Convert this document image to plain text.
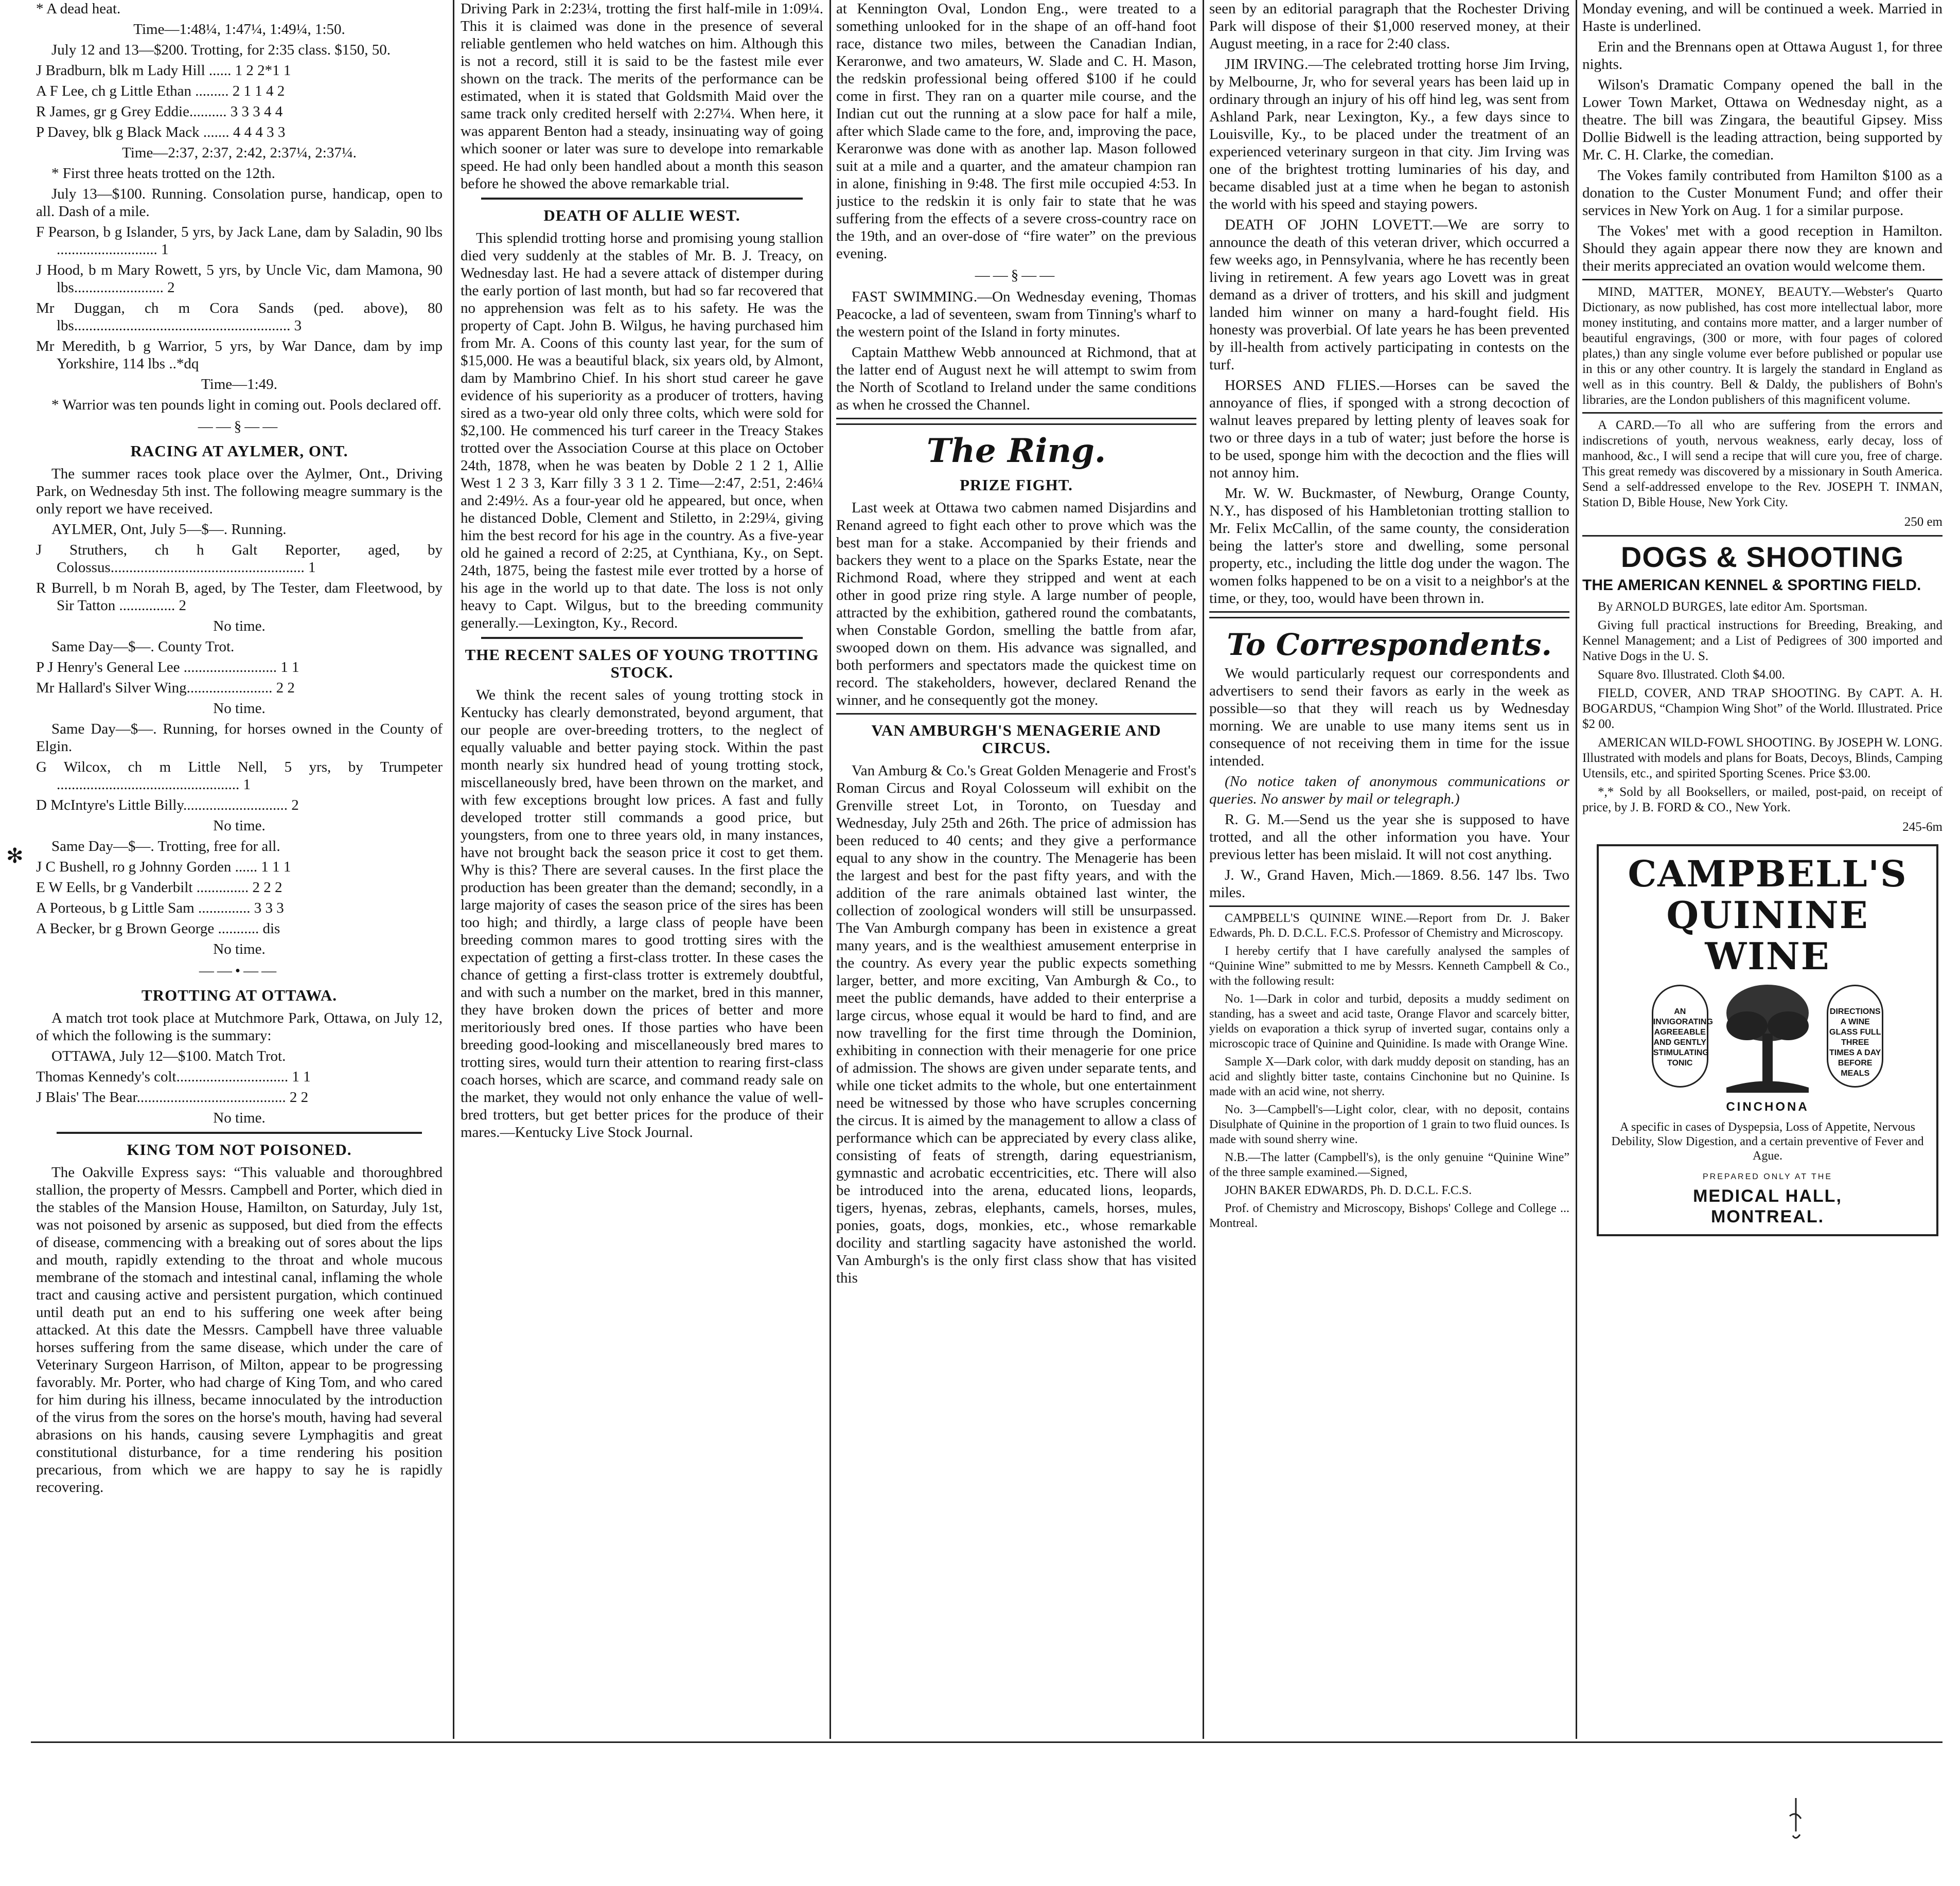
* A dead heat.

Time—1:48¼, 1:47¼, 1:49¼, 1:50.

July 12 and 13—$200. Trotting, for 2:35 class. $150, 50.

J Bradburn, blk m Lady Hill ...... 1 2 2*1 1

A F Lee, ch g Little Ethan ......... 2 1 1 4 2

R James, gr g Grey Eddie.......... 3 3 3 4 4

P Davey, blk g Black Mack ....... 4 4 4 3 3

Time—2:37, 2:37, 2:42, 2:37¼, 2:37¼.

* First three heats trotted on the 12th.

July 13—$100. Running. Consolation purse, handicap, open to all. Dash of a mile.

F Pearson, b g Islander, 5 yrs, by Jack Lane, dam by Saladin, 90 lbs ........................... 1

J Hood, b m Mary Rowett, 5 yrs, by Uncle Vic, dam Mamona, 90 lbs........................ 2

Mr Duggan, ch m Cora Sands (ped. above), 80 lbs.......................................................... 3

Mr Meredith, b g Warrior, 5 yrs, by War Dance, dam by imp Yorkshire, 114 lbs ..*dq

Time—1:49.

* Warrior was ten pounds light in coming out. Pools declared off.

——§——
RACING AT AYLMER, ONT.

The summer races took place over the Aylmer, Ont., Driving Park, on Wednesday 5th inst. The following meagre summary is the only report we have received.

AYLMER, Ont, July 5—$—. Running.

J Struthers, ch h Galt Reporter, aged, by Colossus.................................................... 1

R Burrell, b m Norah B, aged, by The Tester, dam Fleetwood, by Sir Tatton ............... 2

No time.

Same Day—$—. County Trot.

P J Henry's General Lee ......................... 1 1

Mr Hallard's Silver Wing....................... 2 2

No time.

Same Day—$—. Running, for horses owned in the County of Elgin.

G Wilcox, ch m Little Nell, 5 yrs, by Trumpeter ................................................. 1

D McIntyre's Little Billy............................ 2

No time.

Same Day—$—. Trotting, free for all.

J C Bushell, ro g Johnny Gorden ...... 1 1 1

E W Eells, br g Vanderbilt .............. 2 2 2

A Porteous, b g Little Sam .............. 3 3 3

A Becker, br g Brown George ........... dis

No time.

——•——
TROTTING AT OTTAWA.

A match trot took place at Mutchmore Park, Ottawa, on July 12, of which the following is the summary:

OTTAWA, July 12—$100. Match Trot.

Thomas Kennedy's colt.............................. 1 1

J Blais' The Bear........................................ 2 2

No time.

KING TOM NOT POISONED.

The Oakville Express says: “This valuable and thoroughbred stallion, the property of Messrs. Campbell and Porter, which died in the stables of the Mansion House, Hamilton, on Saturday, July 1st, was not poisoned by arsenic as supposed, but died from the effects of disease, commencing with a breaking out of sores about the lips and mouth, rapidly extending to the throat and whole mucous membrane of the stomach and intestinal canal, inflaming the whole tract and causing active and persistent purgation, which continued until death put an end to his suffering one week after being attacked. At this date the Messrs. Campbell have three valuable horses suffering from the same disease, which under the care of Veterinary Surgeon Harrison, of Milton, appear to be progressing favorably. Mr. Porter, who had charge of King Tom, and who cared for him during his illness, became innoculated by the introduction of the virus from the sores on the horse's mouth, having had several abrasions on his hands, causing severe Lymphagitis and great constitutional disturbance, for a time rendering his position precarious, from which we are happy to say he is rapidly recovering.

Driving Park in 2:23¼, trotting the first half-mile in 1:09¼. This it is claimed was done in the presence of several reliable gentlemen who held watches on him. Although this is not a record, still it is said to be the fastest mile ever shown on the track. The merits of the performance can be estimated, when it is stated that Goldsmith Maid over the same track only credited herself with 2:27¼. When here, it was apparent Benton had a steady, insinuating way of going which sooner or later was sure to develope into remarkable speed. He had only been handled about a month this season before he showed the above remarkable trial.

DEATH OF ALLIE WEST.

This splendid trotting horse and promising young stallion died very suddenly at the stables of Mr. B. J. Treacy, on Wednesday last. He had a severe attack of distemper during the early portion of last month, but had so far recovered that no apprehension was felt as to his safety. He was the property of Capt. John B. Wilgus, he having purchased him from Mr. A. Coons of this county last year, for the sum of $15,000. He was a beautiful black, six years old, by Almont, dam by Mambrino Chief. In his short stud career he gave evidence of his superiority as a producer of trotters, having sired as a two-year old only three colts, which were sold for $2,100. He commenced his turf career in the Treacy Stakes trotted over the Association Course at this place on October 24th, 1878, when he was beaten by Doble 2 1 2 1, Allie West 1 2 3 3, Karr filly 3 3 1 2. Time—2:47, 2:51, 2:46¼ and 2:49½. As a four-year old he appeared, but once, when he distanced Doble, Clement and Stiletto, in 2:29¼, giving him the best record for his age in the country. As a five-year old he gained a record of 2:25, at Cynthiana, Ky., on Sept. 24th, 1875, being the fastest mile ever trotted by a horse of his age in the world up to that date. The loss is not only heavy to Capt. Wilgus, but to the breeding community generally.—Lexington, Ky., Record.

THE RECENT SALES OF YOUNG TROTTING STOCK.

We think the recent sales of young trotting stock in Kentucky has clearly demonstrated, beyond argument, that our people are over-breeding trotters, to the neglect of equally valuable and better paying stock. Within the past month nearly six hundred head of young trotting stock, miscellaneously bred, have been thrown on the market, and with few exceptions brought low prices. A fast and fully developed trotter still commands a good price, but youngsters, from one to three years old, in many instances, have not brought back the season price it cost to get them. Why is this? There are several causes. In the first place the production has been greater than the demand; secondly, in a large majority of cases the season price of the sires has been too high; and thirdly, a large class of people have been breeding common mares to good trotting sires with the expectation of getting a first-class trotter. In these cases the chance of getting a first-class trotter is extremely doubtful, and with such a number on the market, bred in this manner, they have broken down the prices of better and more meritoriously bred ones. If those parties who have been breeding good-looking and miscellaneously bred mares to trotting sires, would turn their attention to rearing first-class coach horses, which are scarce, and command ready sale on the market, they would not only enhance the value of well-bred trotters, but get better prices for the produce of their mares.—Kentucky Live Stock Journal.

at Kennington Oval, London Eng., were treated to a something unlooked for in the shape of an off-hand foot race, distance two miles, between the Canadian Indian, Keraronwe, and two amateurs, W. Slade and C. H. Mason, the redskin professional being offered $100 if he could come in first. They ran on a quarter mile course, and the Indian cut out the running at a slow pace for half a mile, after which Slade came to the fore, and, improving the pace, Keraronwe was done with as another lap. Mason followed suit at a mile and a quarter, and the amateur champion ran in alone, finishing in 9:48. The first mile occupied 4:53. In justice to the redskin it is only fair to state that he was suffering from the effects of a severe cross-country race on the 19th, and an over-dose of “fire water” on the previous evening.

——§——

FAST SWIMMING.—On Wednesday evening, Thomas Peacocke, a lad of seventeen, swam from Tinning's wharf to the western point of the Island in forty minutes.

Captain Matthew Webb announced at Richmond, that at the latter end of August next he will attempt to swim from the North of Scotland to Ireland under the same conditions as when he crossed the Channel.

The Ring.
PRIZE FIGHT.

Last week at Ottawa two cabmen named Disjardins and Renand agreed to fight each other to prove which was the best man for a stake. Accompanied by their friends and backers they went to a place on the Sparks Estate, near the Richmond Road, where they stripped and went at each other in good prize ring style. A large number of people, attracted by the exhibition, gathered round the combatants, when Constable Gordon, smelling the battle from afar, swooped down on them. His advance was signalled, and both performers and spectators made the quickest time on record. The stakeholders, however, declared Renand the winner, and he consequently got the money.

VAN AMBURGH'S MENAGERIE AND CIRCUS.

Van Amburg & Co.'s Great Golden Menagerie and Frost's Roman Circus and Royal Colosseum will exhibit on the Grenville street Lot, in Toronto, on Tuesday and Wednesday, July 25th and 26th. The price of admission has been reduced to 40 cents; and they give a performance equal to any show in the country. The Menagerie has been the largest and best for the past fifty years, and with the addition of the rare animals obtained last winter, the collection of zoological wonders will still be unsurpassed. The Van Amburgh company has been in existence a great many years, and is the wealthiest amusement enterprise in the country. As every year the public expects something larger, better, and more exciting, Van Amburgh & Co., to meet the public demands, have added to their enterprise a large circus, whose equal it would be hard to find, and are now travelling for the first time through the Dominion, exhibiting in connection with their menagerie for one price of admission. The shows are given under separate tents, and while one ticket admits to the whole, but one entertainment need be witnessed by those who have scruples concerning the circus. It is aimed by the management to allow a class of performance which can be appreciated by every class alike, consisting of feats of strength, daring equestrianism, gymnastic and acrobatic eccentricities, etc. There will also be introduced into the arena, educated lions, leopards, tigers, hyenas, zebras, elephants, camels, horses, mules, ponies, goats, dogs, monkies, etc., whose remarkable docility and startling sagacity have astonished the world. Van Amburgh's is the only first class show that has visited this

seen by an editorial paragraph that the Rochester Driving Park will dispose of their $1,000 reserved money, at their August meeting, in a race for 2:40 class.

JIM IRVING.—The celebrated trotting horse Jim Irving, by Melbourne, Jr, who for several years has been laid up in ordinary through an injury of his off hind leg, was sent from Ashland Park, near Lexington, Ky., a few days since to Louisville, Ky., to be placed under the treatment of an experienced veterinary surgeon in that city. Jim Irving was one of the brightest trotting luminaries of his day, and became disabled just at a time when he began to astonish the world with his speed and staying powers.

DEATH OF JOHN LOVETT.—We are sorry to announce the death of this veteran driver, which occurred a few weeks ago, in Pennsylvania, where he has recently been living in retirement. A few years ago Lovett was in great demand as a driver of trotters, and his skill and judgment landed him winner on many a hard-fought field. His honesty was proverbial. Of late years he has been prevented by ill-health from actively participating in contests on the turf.

HORSES AND FLIES.—Horses can be saved the annoyance of flies, if sponged with a strong decoction of walnut leaves prepared by letting plenty of leaves soak for two or three days in a tub of water; just before the horse is to be used, sponge him with the decoction and the flies will not annoy him.

Mr. W. W. Buckmaster, of Newburg, Orange County, N.Y., has disposed of his Hambletonian trotting stallion to Mr. Felix McCallin, of the same county, the consideration being the latter's store and dwelling, some personal property, etc., including the little dog under the wagon. The women folks happened to be on a visit to a neighbor's at the time, or they, too, would have been thrown in.

To Correspondents.

We would particularly request our correspondents and advertisers to send their favors as early in the week as possible—so that they will reach us by Wednesday morning. We are unable to use many items sent us in consequence of not receiving them in time for the issue intended.

(No notice taken of anonymous communications or queries. No answer by mail or telegraph.)

R. G. M.—Send us the year she is supposed to have trotted, and all the other information you have. Your previous letter has been mislaid. It will not cost anything.

J. W., Grand Haven, Mich.—1869. 8.56. 147 lbs. Two miles.

CAMPBELL'S QUININE WINE.—Report from Dr. J. Baker Edwards, Ph. D. D.C.L. F.C.S. Professor of Chemistry and Microscopy.

I hereby certify that I have carefully analysed the samples of “Quinine Wine” submitted to me by Messrs. Kenneth Campbell & Co., with the following result:

No. 1—Dark in color and turbid, deposits a muddy sediment on standing, has a sweet and acid taste, Orange Flavor and scarcely bitter, yields on evaporation a thick syrup of inverted sugar, contains only a microscopic trace of Quinine and Quinidine. Is made with Orange Wine.

Sample X—Dark color, with dark muddy deposit on standing, has an acid and slightly bitter taste, contains Cinchonine but no Quinine. Is made with an acid wine, not sherry.

No. 3—Campbell's—Light color, clear, with no deposit, contains Disulphate of Quinine in the proportion of 1 grain to two fluid ounces. Is made with sound sherry wine.

N.B.—The latter (Campbell's), is the only genuine “Quinine Wine” of the three sample examined.—Signed,

JOHN BAKER EDWARDS, Ph. D. D.C.L. F.C.S.

Prof. of Chemistry and Microscopy, Bishops' College and College ... Montreal.

Monday evening, and will be continued a week. Married in Haste is underlined.

Erin and the Brennans open at Ottawa August 1, for three nights.

Wilson's Dramatic Company opened the ball in the Lower Town Market, Ottawa on Wednesday night, as a theatre. The bill was Zingara, the beautiful Gipsey. Miss Dollie Bidwell is the leading attraction, being supported by Mr. C. H. Clarke, the comedian.

The Vokes family contributed from Hamilton $100 as a donation to the Custer Monument Fund; and offer their services in New York on Aug. 1 for a similar purpose.

The Vokes' met with a good reception in Hamilton. Should they again appear there now they are known and their merits appreciated an ovation would welcome them.

MIND, MATTER, MONEY, BEAUTY.—Webster's Quarto Dictionary, as now published, has cost more intellectual labor, more money instituting, and contains more matter, and a larger number of beautiful engravings, (300 or more, with four pages of colored plates,) than any single volume ever before published or popular use in this or any other country. It is largely the standard in England as well as in this country. Bell & Daldy, the publishers of Bohn's libraries, are the London publishers of this magnificent volume.

A CARD.—To all who are suffering from the errors and indiscretions of youth, nervous weakness, early decay, loss of manhood, &c., I will send a recipe that will cure you, free of charge. This great remedy was discovered by a missionary in South America. Send a self-addressed envelope to the Rev. JOSEPH T. INMAN, Station D, Bible House, New York City.

250 em

DOGS & SHOOTING
THE AMERICAN KENNEL & SPORTING FIELD.

By ARNOLD BURGES, late editor Am. Sportsman.

Giving full practical instructions for Breeding, Breaking, and Kennel Management; and a List of Pedigrees of 300 imported and Native Dogs in the U. S.

Square 8vo. Illustrated. Cloth $4.00.

FIELD, COVER, AND TRAP SHOOTING. By CAPT. A. H. BOGARDUS, “Champion Wing Shot” of the World. Illustrated. Price $2 00.

AMERICAN WILD-FOWL SHOOTING. By JOSEPH W. LONG. Illustrated with models and plans for Boats, Decoys, Blinds, Camping Utensils, etc., and spirited Sporting Scenes. Price $3.00.

*,* Sold by all Booksellers, or mailed, post-paid, on receipt of price, by J. B. FORD & CO., New York.

245-6m

CAMPBELL'S
QUININE WINE
AN INVIGORATING AGREEABLE AND GENTLY STIMULATING TONIC  DIRECTIONS A WINE GLASS FULL THREE TIMES A DAY BEFORE MEALS
CINCHONA
A specific in cases of Dyspepsia, Loss of Appetite, Nervous Debility, Slow Digestion, and a certain preventive of Fever and Ague.
PREPARED ONLY AT THE
MEDICAL HALL,
MONTREAL.
✻
